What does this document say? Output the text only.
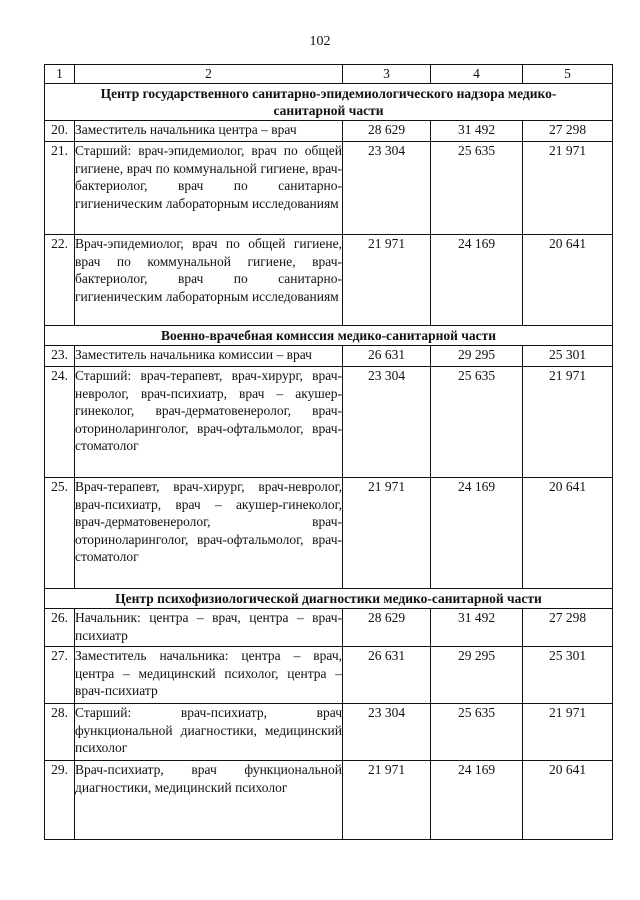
102
1	2	3	4	5
Центр государственного санитарно-эпидемиологического надзора медико-санитарной части				
20.	Заместитель начальника центра – врач	28 629	31 492	27 298
21.	Старший: врач-эпидемиолог, врач по общей гигиене, врач по коммунальной гигиене, врач-бактериолог, врач по санитарно-гигиеническим лабораторным исследованиям	23 304	25 635	21 971
22.	Врач-эпидемиолог, врач по общей гигиене, врач по коммунальной гигиене, врач-бактериолог, врач по санитарно-гигиеническим лабораторным исследованиям	21 971	24 169	20 641
Военно-врачебная комиссия медико-санитарной части				
23.	Заместитель начальника комиссии – врач	26 631	29 295	25 301
24.	Старший: врач-терапевт, врач-хирург, врач-невролог, врач-психиатр, врач – акушер-гинеколог, врач-дерматовенеролог, врач-оториноларинголог, врач-офтальмолог, врач-стоматолог	23 304	25 635	21 971
25.	Врач-терапевт, врач-хирург, врач-невролог, врач-психиатр, врач – акушер-гинеколог, врач-дерматовенеролог, врач-оториноларинголог, врач-офтальмолог, врач-стоматолог	21 971	24 169	20 641
Центр психофизиологической диагностики медико-санитарной части				
26.	Начальник: центра – врач, центра – врач-психиатр	28 629	31 492	27 298
27.	Заместитель начальника: центра – врач, центра – медицинский психолог, центра – врач-психиатр	26 631	29 295	25 301
28.	Старший: врач-психиатр, врач функциональной диагностики, медицинский психолог	23 304	25 635	21 971
29.	Врач-психиатр, врач функциональной диагностики, медицинский психолог	21 971	24 169	20 641
